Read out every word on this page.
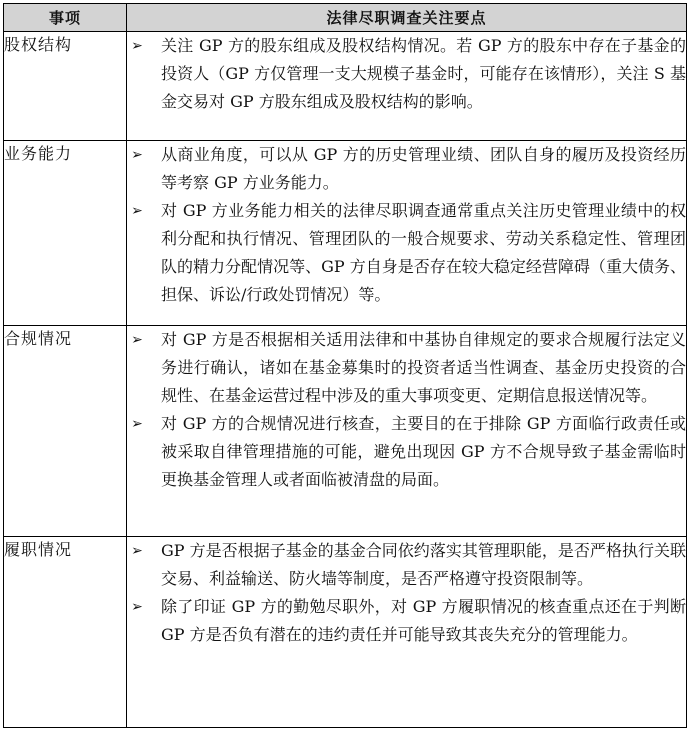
事项	法律尽职调查关注要点
股权结构	➢ 关注 GP 方的股东组成及股权结构情况。若 GP 方的股东中存在子基金的投资人（GP 方仅管理一支大规模子基金时，可能存在该情形），关注 S 基金交易对 GP 方股东组成及股权结构的影响。

业务能力	➢ 从商业角度，可以从 GP 方的历史管理业绩、团队自身的履历及投资经历等考察 GP 方业务能力。
➢ 对 GP 方业务能力相关的法律尽职调查通常重点关注历史管理业绩中的权利分配和执行情况、管理团队的一般合规要求、劳动关系稳定性、管理团队的精力分配情况等、GP 方自身是否存在较大稳定经营障碍（重大债务、担保、诉讼/行政处罚情况）等。

合规情况	➢ 对 GP 方是否根据相关适用法律和中基协自律规定的要求合规履行法定义务进行确认，诸如在基金募集时的投资者适当性调查、基金历史投资的合规性、在基金运营过程中涉及的重大事项变更、定期信息报送情况等。
➢ 对 GP 方的合规情况进行核查，主要目的在于排除 GP 方面临行政责任或被采取自律管理措施的可能，避免出现因 GP 方不合规导致子基金需临时更换基金管理人或者面临被清盘的局面。

履职情况	➢ GP 方是否根据子基金的基金合同依约落实其管理职能，是否严格执行关联交易、利益输送、防火墙等制度，是否严格遵守投资限制等。
➢ 除了印证 GP 方的勤勉尽职外，对 GP 方履职情况的核查重点还在于判断 GP 方是否负有潜在的违约责任并可能导致其丧失充分的管理能力。
